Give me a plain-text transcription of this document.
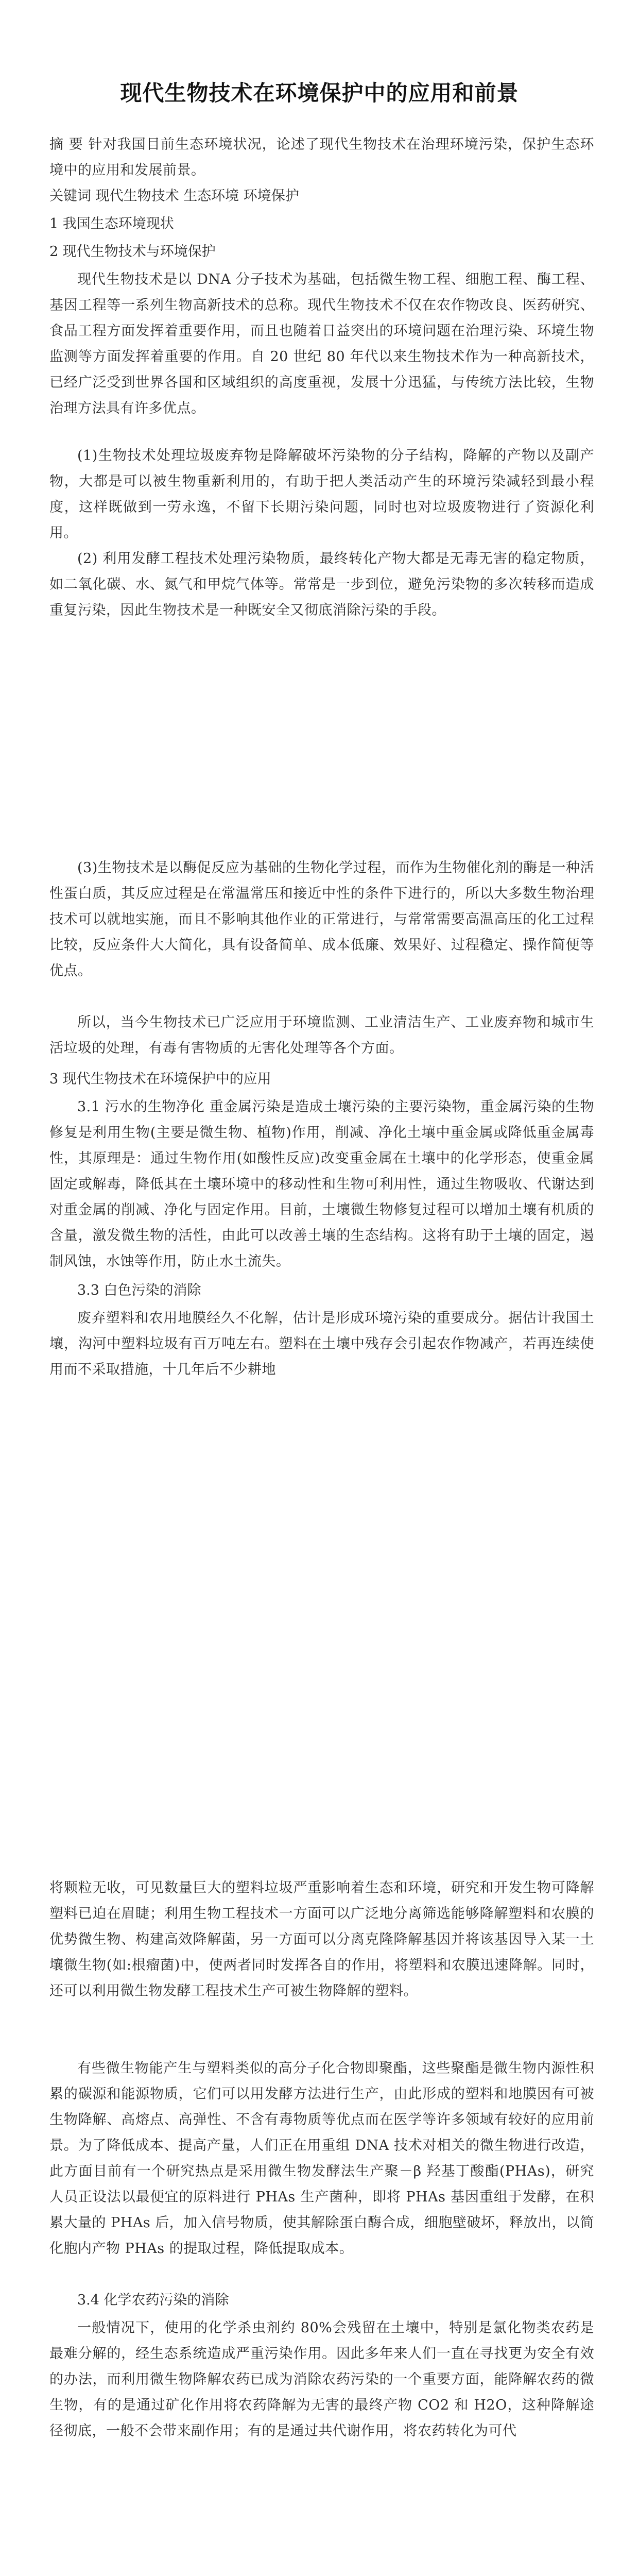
现代生物技术在环境保护中的应用和前景

摘 要 针对我国目前生态环境状况，论述了现代生物技术在治理环境污染，保护生态环境中的应用和发展前景。

关键词 现代生物技术 生态环境 环境保护

1 我国生态环境现状

2 现代生物技术与环境保护

现代生物技术是以 DNA 分子技术为基础，包括微生物工程、细胞工程、酶工程、基因工程等一系列生物高新技术的总称。现代生物技术不仅在农作物改良、医药研究、食品工程方面发挥着重要作用，而且也随着日益突出的环境问题在治理污染、环境生物监测等方面发挥着重要的作用。自 20 世纪 80 年代以来生物技术作为一种高新技术，已经广泛受到世界各国和区域组织的高度重视，发展十分迅猛，与传统方法比较，生物治理方法具有许多优点。

(1)生物技术处理垃圾废弃物是降解破坏污染物的分子结构，降解的产物以及副产物，大都是可以被生物重新利用的，有助于把人类活动产生的环境污染减轻到最小程度，这样既做到一劳永逸，不留下长期污染问题，同时也对垃圾废物进行了资源化利用。

(2) 利用发酵工程技术处理污染物质，最终转化产物大都是无毒无害的稳定物质，如二氧化碳、水、氮气和甲烷气体等。常常是一步到位，避免污染物的多次转移而造成重复污染，因此生物技术是一种既安全又彻底消除污染的手段。

(3)生物技术是以酶促反应为基础的生物化学过程，而作为生物催化剂的酶是一种活性蛋白质，其反应过程是在常温常压和接近中性的条件下进行的，所以大多数生物治理技术可以就地实施，而且不影响其他作业的正常进行，与常常需要高温高压的化工过程比较，反应条件大大简化，具有设备简单、成本低廉、效果好、过程稳定、操作简便等优点。

所以，当今生物技术已广泛应用于环境监测、工业清洁生产、工业废弃物和城市生活垃圾的处理，有毒有害物质的无害化处理等各个方面。

3 现代生物技术在环境保护中的应用

3.1 污水的生物净化 重金属污染是造成土壤污染的主要污染物，重金属污染的生物修复是利用生物(主要是微生物、植物)作用，削减、净化土壤中重金属或降低重金属毒性，其原理是：通过生物作用(如酸性反应)改变重金属在土壤中的化学形态，使重金属固定或解毒，降低其在土壤环境中的移动性和生物可利用性，通过生物吸收、代谢达到对重金属的削减、净化与固定作用。目前，土壤微生物修复过程可以增加土壤有机质的含量，激发微生物的活性，由此可以改善土壤的生态结构。这将有助于土壤的固定，遏制风蚀，水蚀等作用，防止水土流失。

3.3 白色污染的消除

废弃塑料和农用地膜经久不化解，估计是形成环境污染的重要成分。据估计我国土壤，沟河中塑料垃圾有百万吨左右。塑料在土壤中残存会引起农作物减产，若再连续使用而不采取措施，十几年后不少耕地

将颗粒无收，可见数量巨大的塑料垃圾严重影响着生态和环境，研究和开发生物可降解塑料已迫在眉睫；利用生物工程技术一方面可以广泛地分离筛选能够降解塑料和农膜的优势微生物、构建高效降解菌，另一方面可以分离克隆降解基因并将该基因导入某一土壤微生物(如:根瘤菌)中，使两者同时发挥各自的作用，将塑料和农膜迅速降解。同时，还可以利用微生物发酵工程技术生产可被生物降解的塑料。

有些微生物能产生与塑料类似的高分子化合物即聚酯，这些聚酯是微生物内源性积累的碳源和能源物质，它们可以用发酵方法进行生产，由此形成的塑料和地膜因有可被生物降解、高熔点、高弹性、不含有毒物质等优点而在医学等许多领域有较好的应用前景。为了降低成本、提高产量，人们正在用重组 DNA 技术对相关的微生物进行改造，此方面目前有一个研究热点是采用微生物发酵法生产聚－β 羟基丁酸酯(PHAs)，研究人员正设法以最便宜的原料进行 PHAs 生产菌种，即将 PHAs 基因重组于发酵，在积累大量的 PHAs 后，加入信号物质，使其解除蛋白酶合成，细胞壁破坏，释放出，以简化胞内产物 PHAs 的提取过程，降低提取成本。

3.4 化学农药污染的消除

一般情况下，使用的化学杀虫剂约 80%会残留在土壤中，特别是氯化物类农药是最难分解的，经生态系统造成严重污染作用。因此多年来人们一直在寻找更为安全有效的办法，而利用微生物降解农药已成为消除农药污染的一个重要方面，能降解农药的微生物，有的是通过矿化作用将农药降解为无害的最终产物 CO2 和 H2O，这种降解途径彻底，一般不会带来副作用；有的是通过共代谢作用，将农药转化为可代
